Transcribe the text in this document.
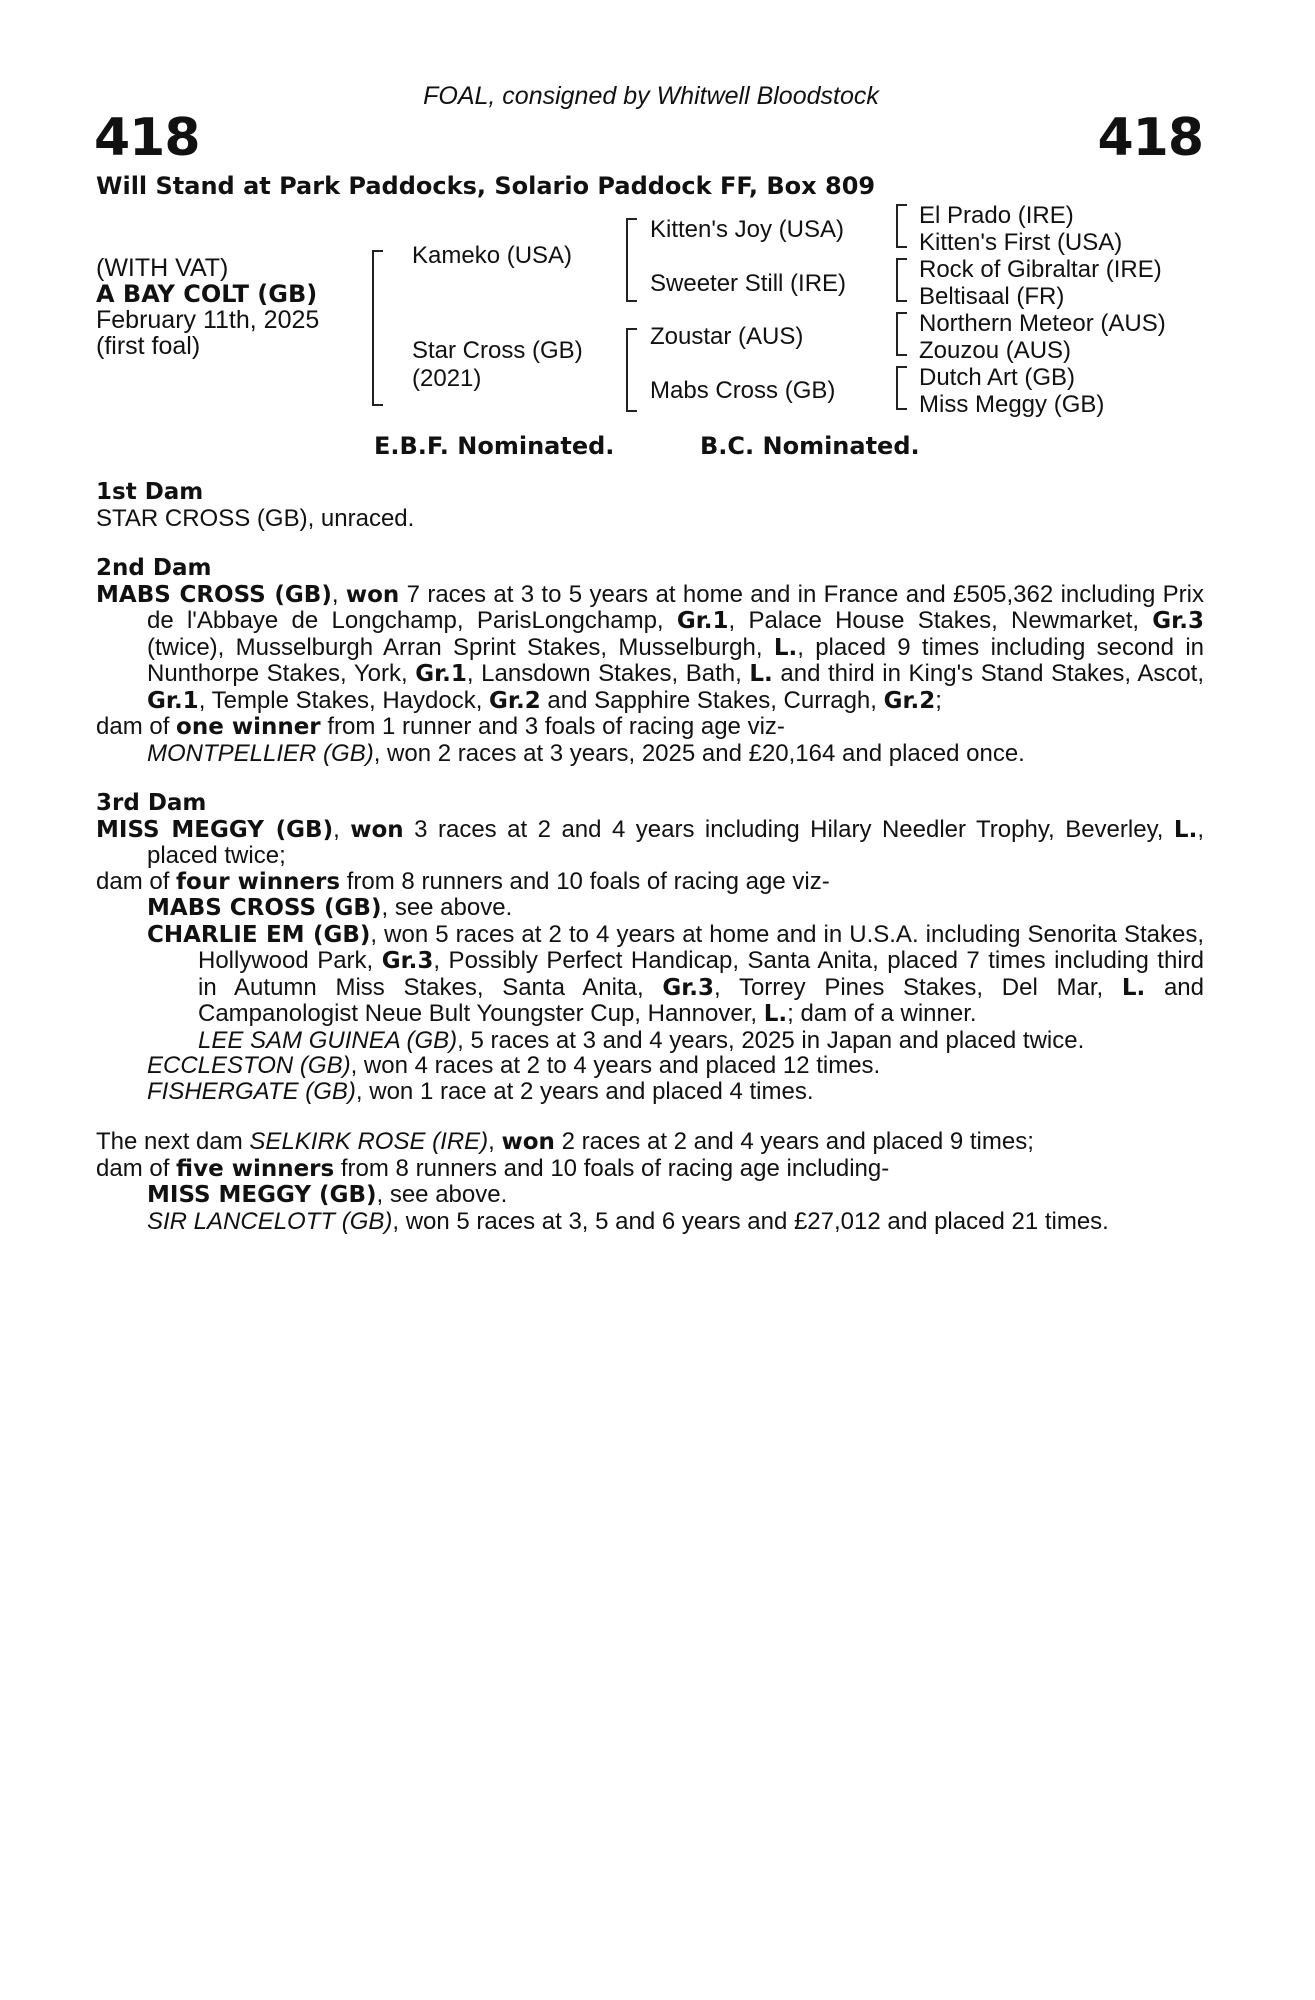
FOAL, consigned by Whitwell Bloodstock
418	418
Will Stand at Park Paddocks, Solario Paddock FF, Box 809
(WITH VAT)
A BAY COLT (GB)
February 11th, 2025
(first foal)
Kameko (USA)
Star Cross (GB)
(2021)
Kitten's Joy (USA)
Sweeter Still (IRE)
Zoustar (AUS)
Mabs Cross (GB)
El Prado (IRE)
Kitten's First (USA)
Rock of Gibraltar (IRE)
Beltisaal (FR)
Northern Meteor (AUS)
Zouzou (AUS)
Dutch Art (GB)
Miss Meggy (GB)
E.B.F. Nominated.	B.C. Nominated.
1st Dam
STAR CROSS (GB), unraced.
2nd Dam
MABS CROSS (GB), won 7 races at 3 to 5 years at home and in France and £505,362 including Prix de l'Abbaye de Longchamp, ParisLongchamp, Gr.1, Palace House Stakes, Newmarket, Gr.3 (twice), Musselburgh Arran Sprint Stakes, Musselburgh, L., placed 9 times including second in Nunthorpe Stakes, York, Gr.1, Lansdown Stakes, Bath, L. and third in King's Stand Stakes, Ascot, Gr.1, Temple Stakes, Haydock, Gr.2 and Sapphire Stakes, Curragh, Gr.2;
dam of one winner from 1 runner and 3 foals of racing age viz-
MONTPELLIER (GB), won 2 races at 3 years, 2025 and £20,164 and placed once.
3rd Dam
MISS MEGGY (GB), won 3 races at 2 and 4 years including Hilary Needler Trophy, Beverley, L., placed twice;
dam of four winners from 8 runners and 10 foals of racing age viz-
MABS CROSS (GB), see above.
CHARLIE EM (GB), won 5 races at 2 to 4 years at home and in U.S.A. including Senorita Stakes, Hollywood Park, Gr.3, Possibly Perfect Handicap, Santa Anita, placed 7 times including third in Autumn Miss Stakes, Santa Anita, Gr.3, Torrey Pines Stakes, Del Mar, L. and Campanologist Neue Bult Youngster Cup, Hannover, L.; dam of a winner.
LEE SAM GUINEA (GB), 5 races at 3 and 4 years, 2025 in Japan and placed twice.
ECCLESTON (GB), won 4 races at 2 to 4 years and placed 12 times.
FISHERGATE (GB), won 1 race at 2 years and placed 4 times.
The next dam SELKIRK ROSE (IRE), won 2 races at 2 and 4 years and placed 9 times;
dam of five winners from 8 runners and 10 foals of racing age including-
MISS MEGGY (GB), see above.
SIR LANCELOTT (GB), won 5 races at 3, 5 and 6 years and £27,012 and placed 21 times.
